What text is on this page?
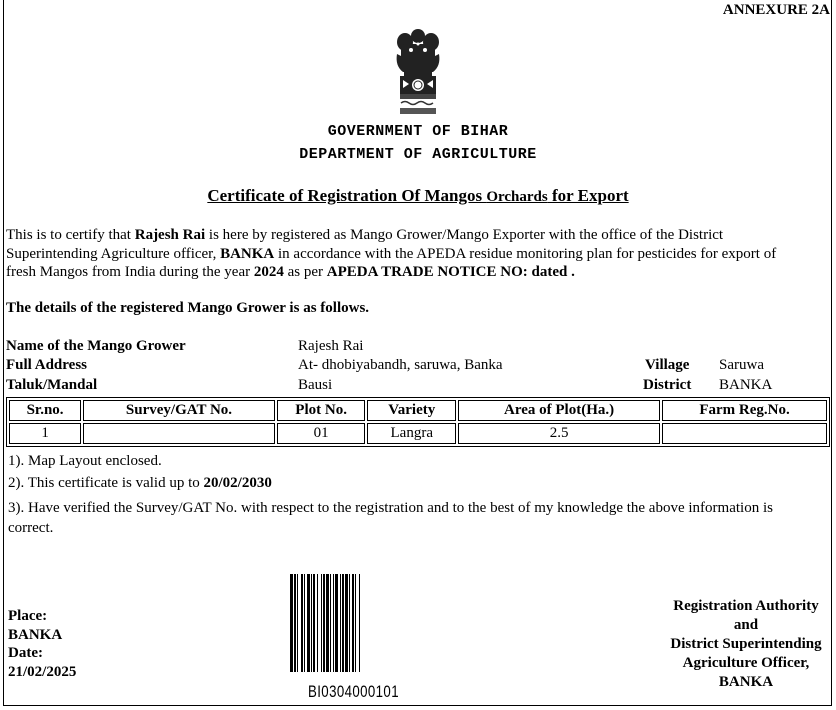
ANNEXURE 2A
GOVERNMENT OF BIHAR
DEPARTMENT OF AGRICULTURE
Certificate of Registration Of Mangos Orchards for Export
This is to certify that Rajesh Rai is here by registered as Mango Grower/Mango Exporter with the office of the District Superintending Agriculture officer, BANKA in accordance with the APEDA residue monitoring plan for pesticides for export of fresh Mangos from India during the year 2024 as per APEDA TRADE NOTICE NO: dated .
The details of the registered Mango Grower is as follows.
Name of the Mango Grower	Rajesh Rai
Full Address	At- dhobiyabandh, saruwa, Banka	Village Saruwa
Taluk/Mandal	Bausi	District BANKA
Sr.no.	Survey/GAT No.	Plot No.	Variety	Area of Plot(Ha.)	Farm Reg.No.
1		01	Langra	2.5	
1). Map Layout enclosed.
2). This certificate is valid up to 20/02/2030
3). Have verified the Survey/GAT No. with respect to the registration and to the best of my knowledge the above information is correct.
BI0304000101
Place:
BANKA
Date:
21/02/2025
Registration Authority
and
District Superintending
Agriculture Officer,
BANKA
